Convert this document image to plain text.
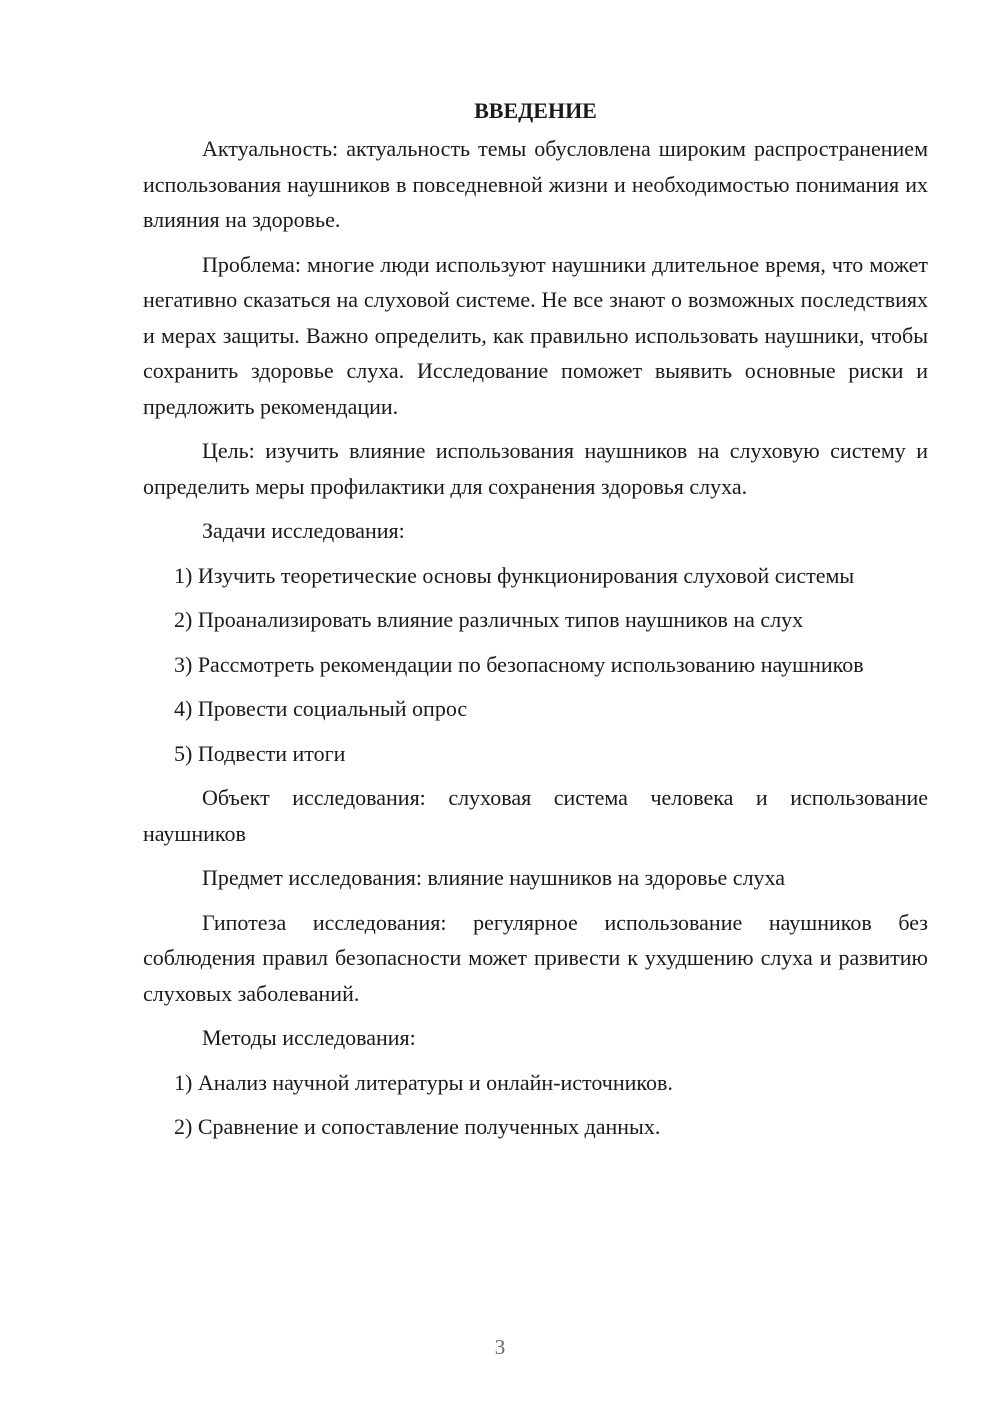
ВВЕДЕНИЕ

Актуальность: актуальность темы обусловлена широким распространением использования наушников в повседневной жизни и необходимостью понимания их влияния на здоровье.

Проблема: многие люди используют наушники длительное время, что может негативно сказаться на слуховой системе. Не все знают о возможных последствиях и мерах защиты. Важно определить, как правильно использовать наушники, чтобы сохранить здоровье слуха. Исследование поможет выявить основные риски и предложить рекомендации.

Цель: изучить влияние использования наушников на слуховую систему и определить меры профилактики для сохранения здоровья слуха.

Задачи исследования:

1) Изучить теоретические основы функционирования слуховой системы

2) Проанализировать влияние различных типов наушников на слух

3) Рассмотреть рекомендации по безопасному использованию наушников

4) Провести социальный опрос

5) Подвести итоги

Объект исследования: слуховая система человека и использование наушников

Предмет исследования: влияние наушников на здоровье слуха

Гипотеза исследования: регулярное использование наушников без соблюдения правил безопасности может привести к ухудшению слуха и развитию слуховых заболеваний.

Методы исследования:

1) Анализ научной литературы и онлайн-источников.

2) Сравнение и сопоставление полученных данных.

3
